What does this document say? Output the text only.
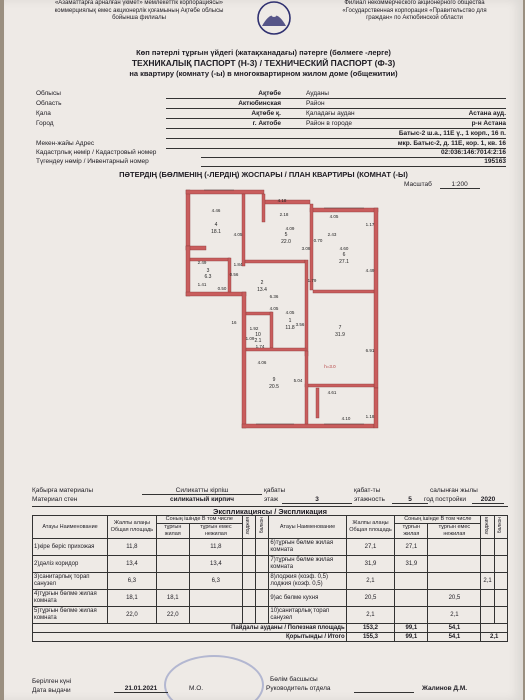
«Азаматтарға арналған үкімет» мемлекеттік корпорациясы»
коммерциялық емес акционерлік қоғамының Ақтөбе облысы
бойынша филиалы
Филиал некоммерческого акционерного общества
«Государственная корпорация «Правительство для
граждан» по Актюбинской области
Көп пәтерлі тұрғын үйдегі (жатақханадағы) пәтерге (бөлмеге -лерге)
ТЕХНИКАЛЫҚ ПАСПОРТ (Н-3) / ТЕХНИЧЕСКИЙ ПАСПОРТ (Ф-3)
на квартиру (комнату (-ы) в многоквартирном жилом доме (общежитии)
Облысы	Ақтөбе	Ауданы
Область	Актюбинская	Район
Қала	Ақтөбе қ.	Қаладағы аудан	Астана ауд.
Город	г. Актобе	Район в городе	р-н Астана
Батыс-2 ш.а., 11Е ү., 1 корп., 16 п.
Мекен-жайы Адрес	мкр. Батыс-2, д. 11Е, кор. 1, кв. 16
Кадастрлық нөмір / Кадастровый номер	02:036:146:7014:2:16
Түгендеу нөмір / Инвентарный номер	195163
ПӘТЕРДІҢ (БӨЛМЕНІҢ (-ЛЕРДІҢ) ЖОСПАРЫ / ПЛАН КВАРТИРЫ (КОМНАТ (-Ы)
Масштаб	1:200
4
18.1	5
22.0
6
27.1
3
6.3
2
13.4
1
11.8	7
31.9
9
20.5
10
2.1
4.46
4.18
2.18
4.05	2.43
4.05
4.09
4.05
4.60
2.49	1.84
1.41
6.36
4.05
1.92
3.56
16
1.74
4.06
5.04
4.61
4.10
6.91
4.49
1.17
0.70
0.50
3.08
1.79
0.56
1.09
1.18
h=3.0
Қабырға материалы	Силикатты кірпіш	қабаты	қабат-ты	салынған жылы
Материал стен	силикатный кирпич	этаж	3	этажность	5	год постройки	2020
Экспликациясы / Экспликация
Атауы Наименование	Жалпы алаңы Общая площадь	Соның ішінде В том числе		лоджия	балкон	Атауы Наименование	Жалпы алаңы Общая площадь	Соның ішінде В том числе		лоджия	балкон
		тұрғын жилая	тұрғын емес нежилая					тұрғын жилая	тұрғын емес нежилая		
1)кіре беріс прихожая	11,8		11,8			6)тұрғын бөлме жилая комната	27,1	27,1			
2)дәліз коридор	13,4		13,4			7)тұрғын бөлме жилая комната	31,9	31,9			
3)санитарлық торап санузел	6,3		6,3			8)лоджия (коэф. 0,5) лоджия (коэф. 0,5)	2,1			2,1	
4)тұрғын бөлме жилая комната	18,1	18,1				9)ас бөлме кухня	20,5		20,5		
5)тұрғын бөлме жилая комната	22,0	22,0				10)санитарлық торап санузел	2,1		2,1		
Пайдалы ауданы / Полезная площадь							153,2	99,1	54,1		
Қорытынды / Итого							155,3	99,1	54,1	2,1	
Берілген күні
Дата выдачи	21.01.2021	М.О.
Бөлім басшысы
Руководитель отдела	Жалинов Д.М.
